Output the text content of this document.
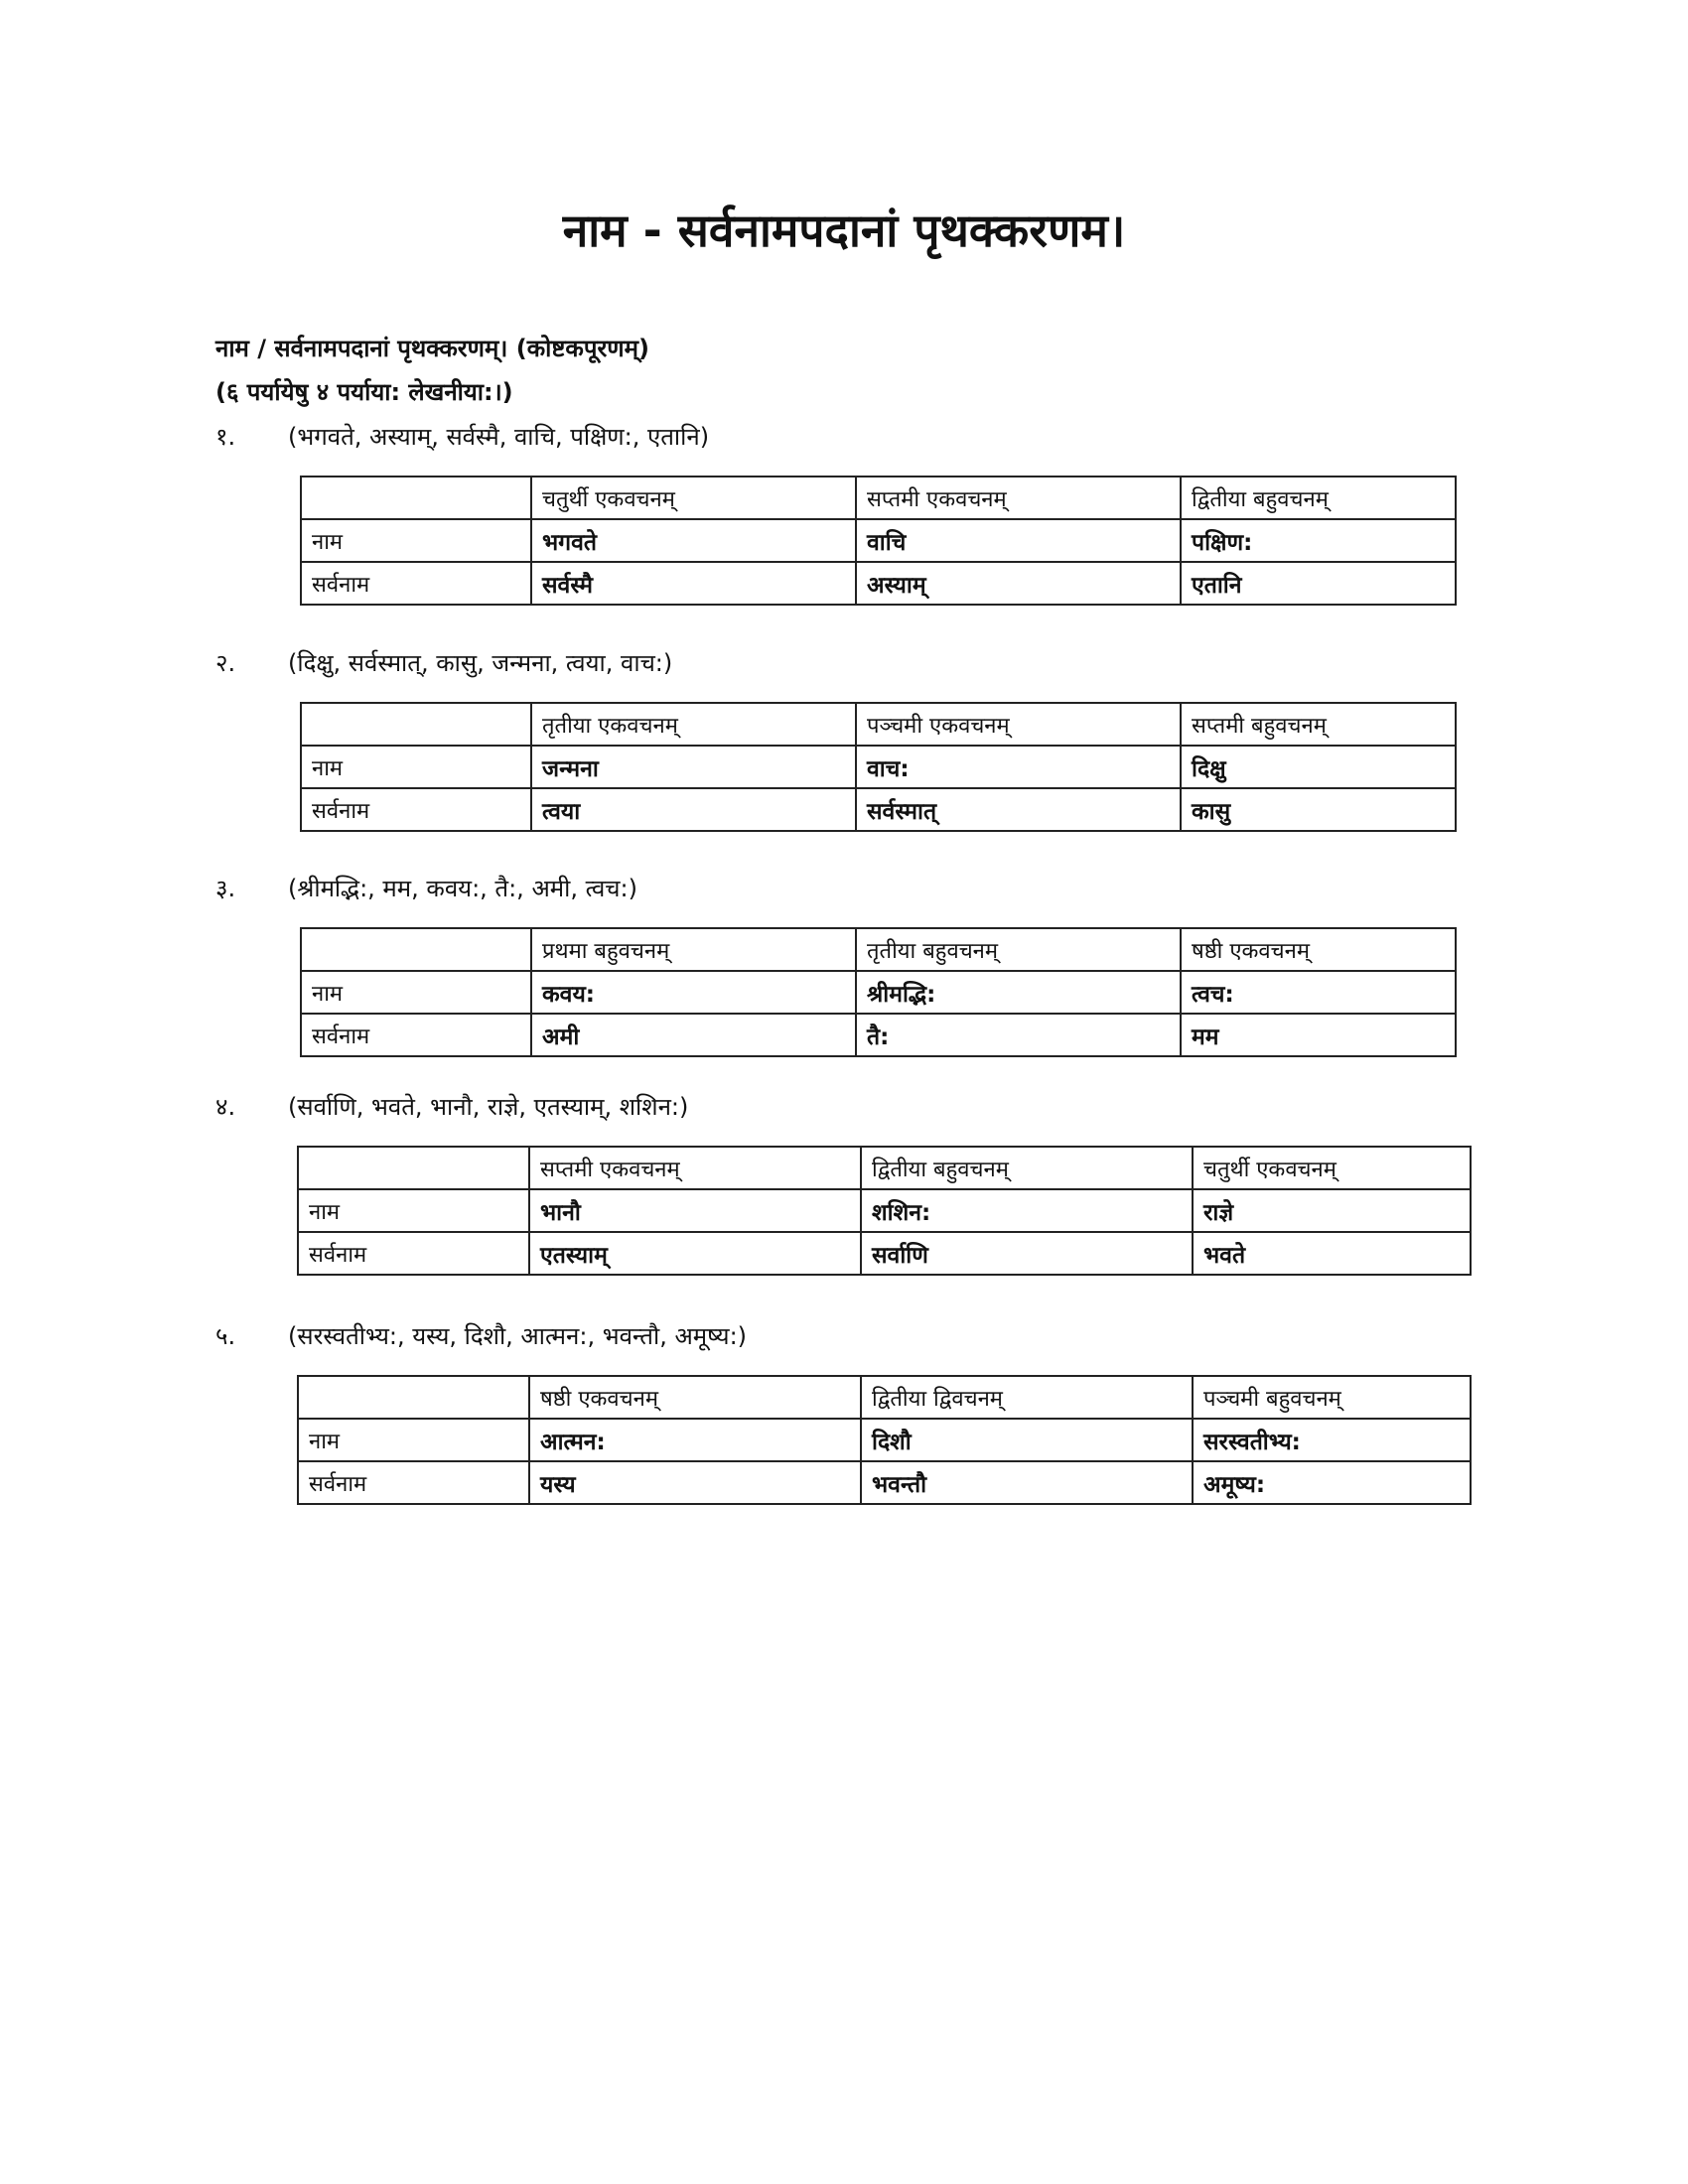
नाम - सर्वनामपदानां पृथक्करणम।
नाम / सर्वनामपदानां पृथक्करणम्। (कोष्टकपूरणम्)
(६ पर्यायेषु ४ पर्याया: लेखनीया:।)
१. (भगवते, अस्याम्, सर्वस्मै, वाचि, पक्षिण:, एतानि)
	चतुर्थी एकवचनम्	सप्तमी एकवचनम्	द्वितीया बहुवचनम्
नाम	भगवते	वाचि	पक्षिण:
सर्वनाम	सर्वस्मै	अस्याम्	एतानि
२. (दिक्षु, सर्वस्मात्, कासु, जन्मना, त्वया, वाच:)
	तृतीया एकवचनम्	पञ्चमी एकवचनम्	सप्तमी बहुवचनम्
नाम	जन्मना	वाच:	दिक्षु
सर्वनाम	त्वया	सर्वस्मात्	कासु
३. (श्रीमद्भि:, मम, कवय:, तै:, अमी, त्वच:)
	प्रथमा बहुवचनम्	तृतीया बहुवचनम्	षष्ठी एकवचनम्
नाम	कवय:	श्रीमद्भि:	त्वच:
सर्वनाम	अमी	तै:	मम
४. (सर्वाणि, भवते, भानौ, राज्ञे, एतस्याम्, शशिन:)
	सप्तमी एकवचनम्	द्वितीया बहुवचनम्	चतुर्थी एकवचनम्
नाम	भानौ	शशिन:	राज्ञे
सर्वनाम	एतस्याम्	सर्वाणि	भवते
५. (सरस्वतीभ्य:, यस्य, दिशौ, आत्मन:, भवन्तौ, अमूष्य:)
	षष्ठी एकवचनम्	द्वितीया द्विवचनम्	पञ्चमी बहुवचनम्
नाम	आत्मन:	दिशौ	सरस्वतीभ्य:
सर्वनाम	यस्य	भवन्तौ	अमूष्य:
